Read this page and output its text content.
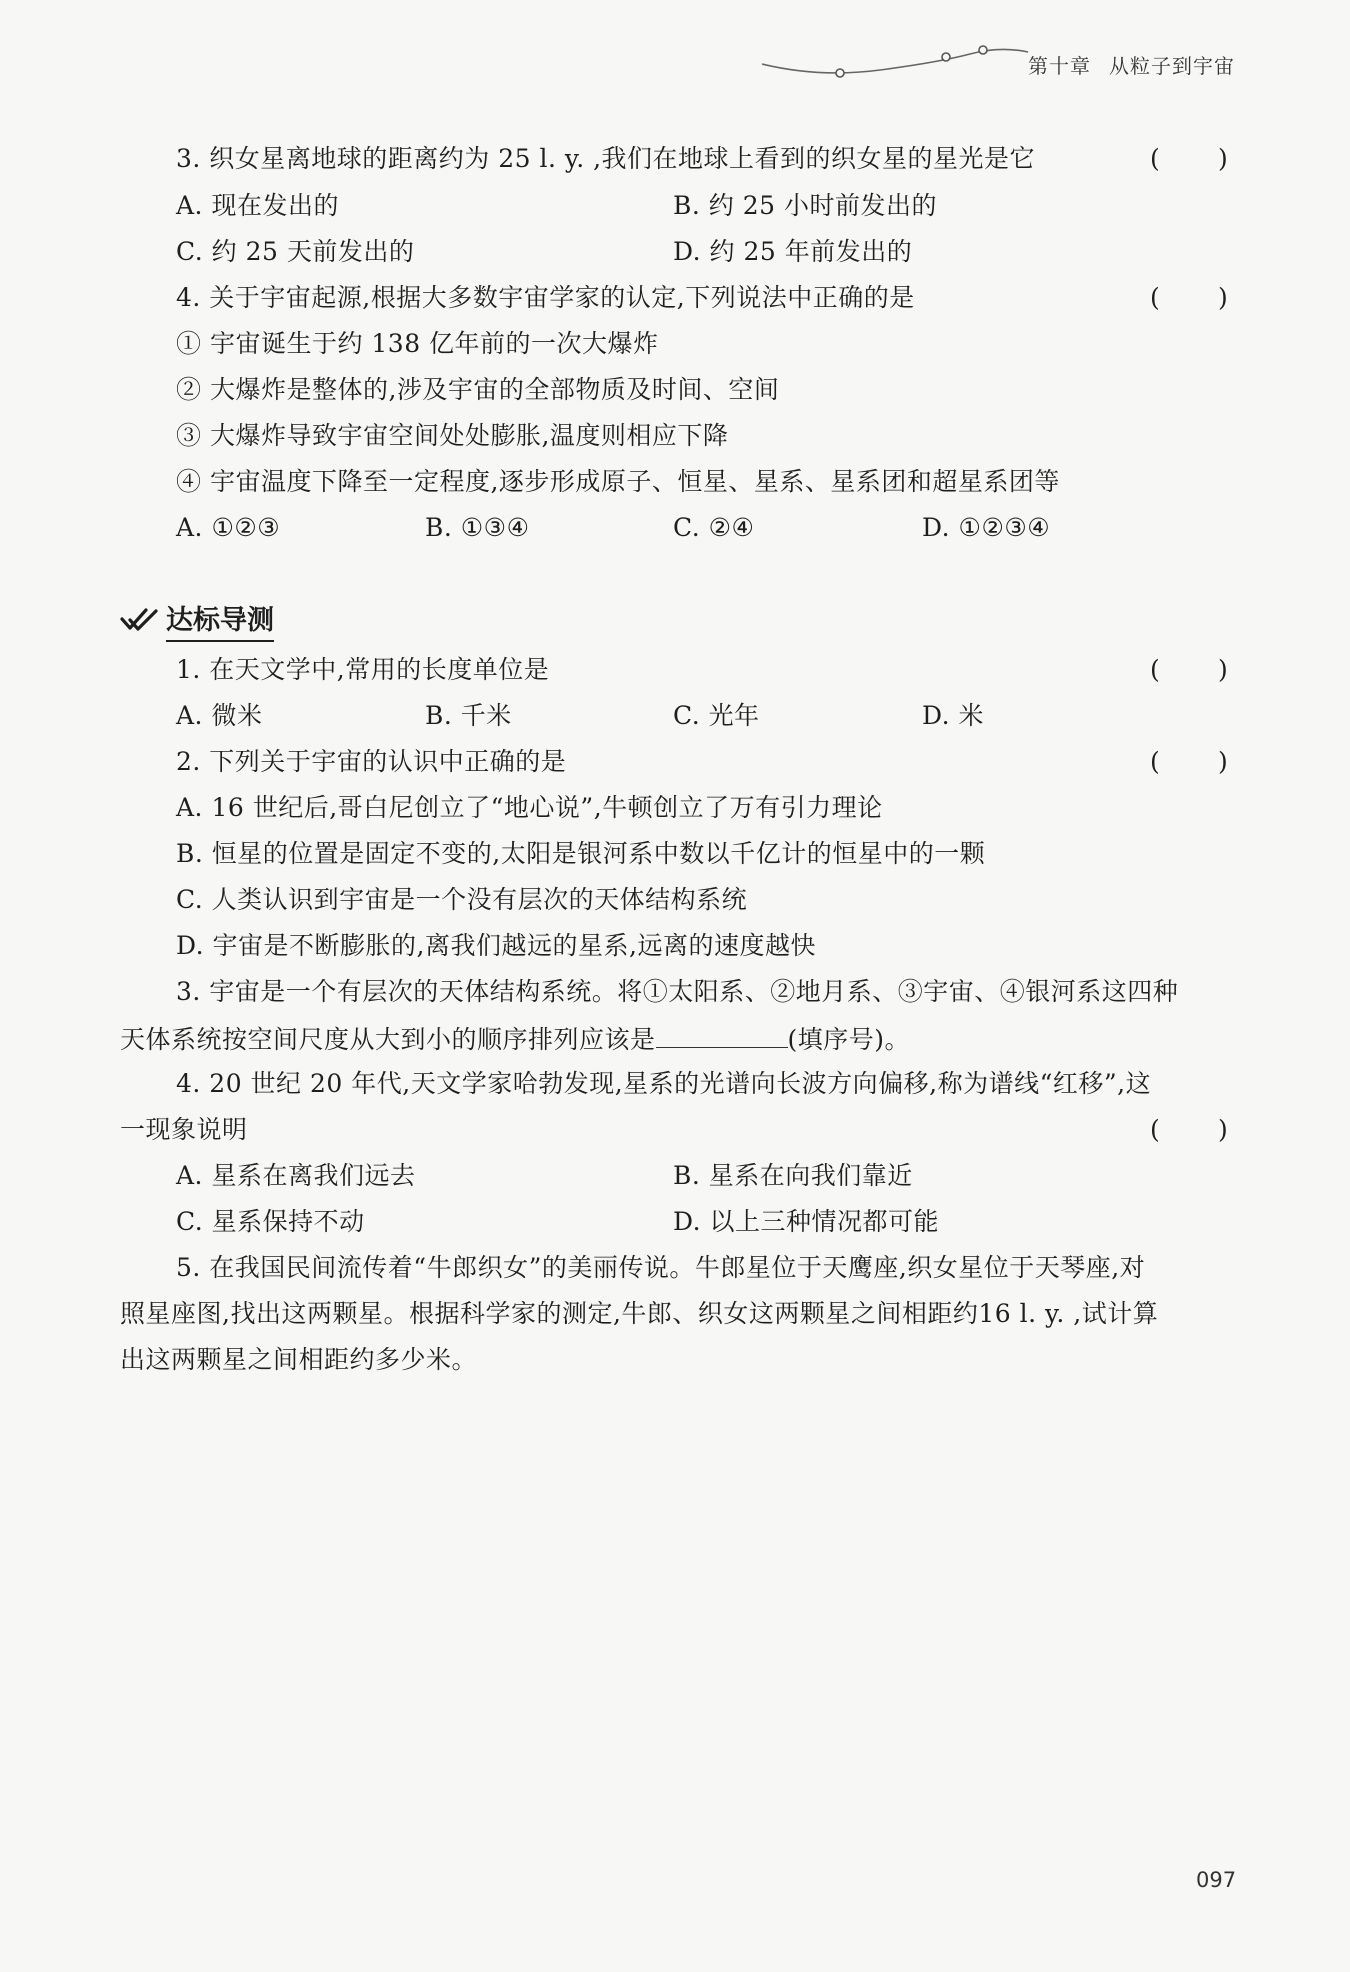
第十章 从粒子到宇宙
3. 织女星离地球的距离约为 25 l. y. ,我们在地球上看到的织女星的星光是它	( )
A. 现在发出的	B. 约 25 小时前发出的
C. 约 25 天前发出的	D. 约 25 年前发出的
4. 关于宇宙起源,根据大多数宇宙学家的认定,下列说法中正确的是	( )
① 宇宙诞生于约 138 亿年前的一次大爆炸
② 大爆炸是整体的,涉及宇宙的全部物质及时间、空间
③ 大爆炸导致宇宙空间处处膨胀,温度则相应下降
④ 宇宙温度下降至一定程度,逐步形成原子、恒星、星系、星系团和超星系团等
A. ①②③	B. ①③④	C. ②④	D. ①②③④
达标导测
1. 在天文学中,常用的长度单位是	( )
A. 微米	B. 千米	C. 光年	D. 米
2. 下列关于宇宙的认识中正确的是	( )
A. 16 世纪后,哥白尼创立了“地心说”,牛顿创立了万有引力理论
B. 恒星的位置是固定不变的,太阳是银河系中数以千亿计的恒星中的一颗
C. 人类认识到宇宙是一个没有层次的天体结构系统
D. 宇宙是不断膨胀的,离我们越远的星系,远离的速度越快
3. 宇宙是一个有层次的天体结构系统。将①太阳系、②地月系、③宇宙、④银河系这四种
天体系统按空间尺度从大到小的顺序排列应该是	(填序号)。
4. 20 世纪 20 年代,天文学家哈勃发现,星系的光谱向长波方向偏移,称为谱线“红移”,这
一现象说明	( )
A. 星系在离我们远去	B. 星系在向我们靠近
C. 星系保持不动	D. 以上三种情况都可能
5. 在我国民间流传着“牛郎织女”的美丽传说。牛郎星位于天鹰座,织女星位于天琴座,对
照星座图,找出这两颗星。根据科学家的测定,牛郎、织女这两颗星之间相距约16 l. y. ,试计算
出这两颗星之间相距约多少米。
097
